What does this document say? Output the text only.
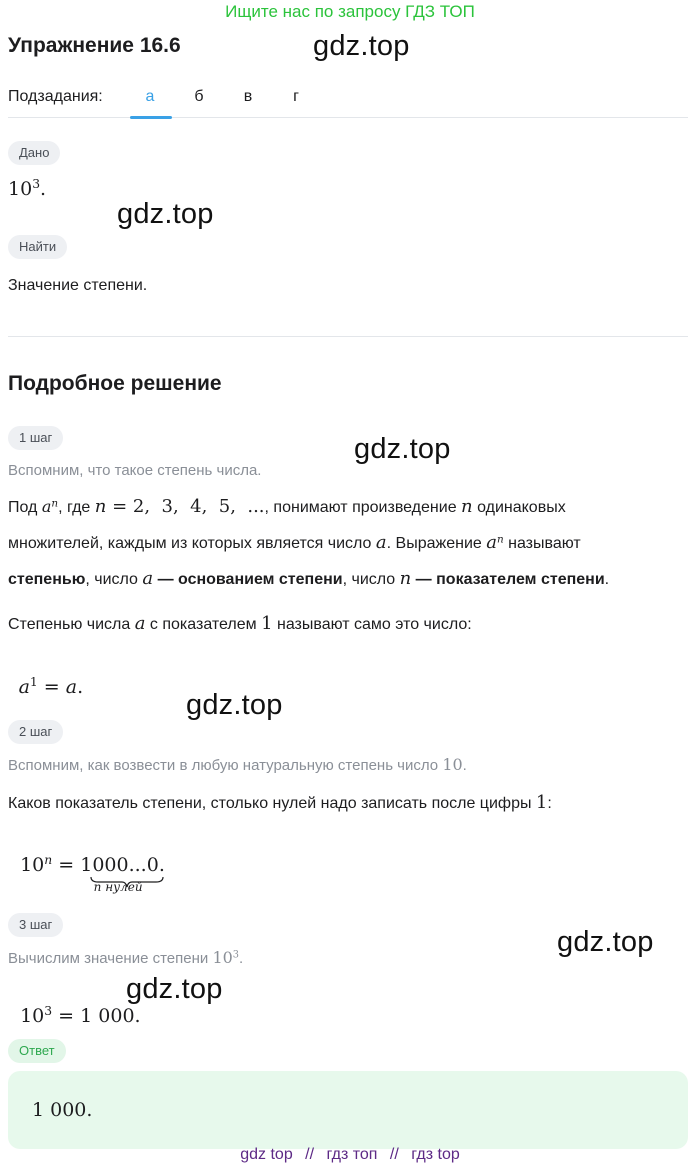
Ищите нас по запросу ГДЗ ТОП
Упражнение 16.6	gdz.top
gdz.top
gdz.top
gdz.top
gdz.top
gdz.top
Подзадания:	а	б	в	г
Дано
$10^3$.
Найти
Значение степени.
Подробное решение
1 шаг
Вспомним, что такое степень числа.
Под $a^n$, где n = 2,  3,  4,  5,  ..., понимают произведение n одинаковых
множителей, каждым из которых является число a. Выражение $a^n$ называют
степенью, число a — основанием степени, число n — показателем степени.
Степенью числа a с показателем 1 называют само это число:

$a^1 = a$.

2 шаг
Вспомним, как возвести в любую натуральную степень число 10.
Каков показатель степени, столько нулей надо записать после цифры 1:

$10^n = 1000...0$
.

n нулей

3 шаг
Вычислим значение степени $10^3$.

$10^3 = 1$ 000.

Ответ
1 000.
gdz top // гдз топ // гдз top
